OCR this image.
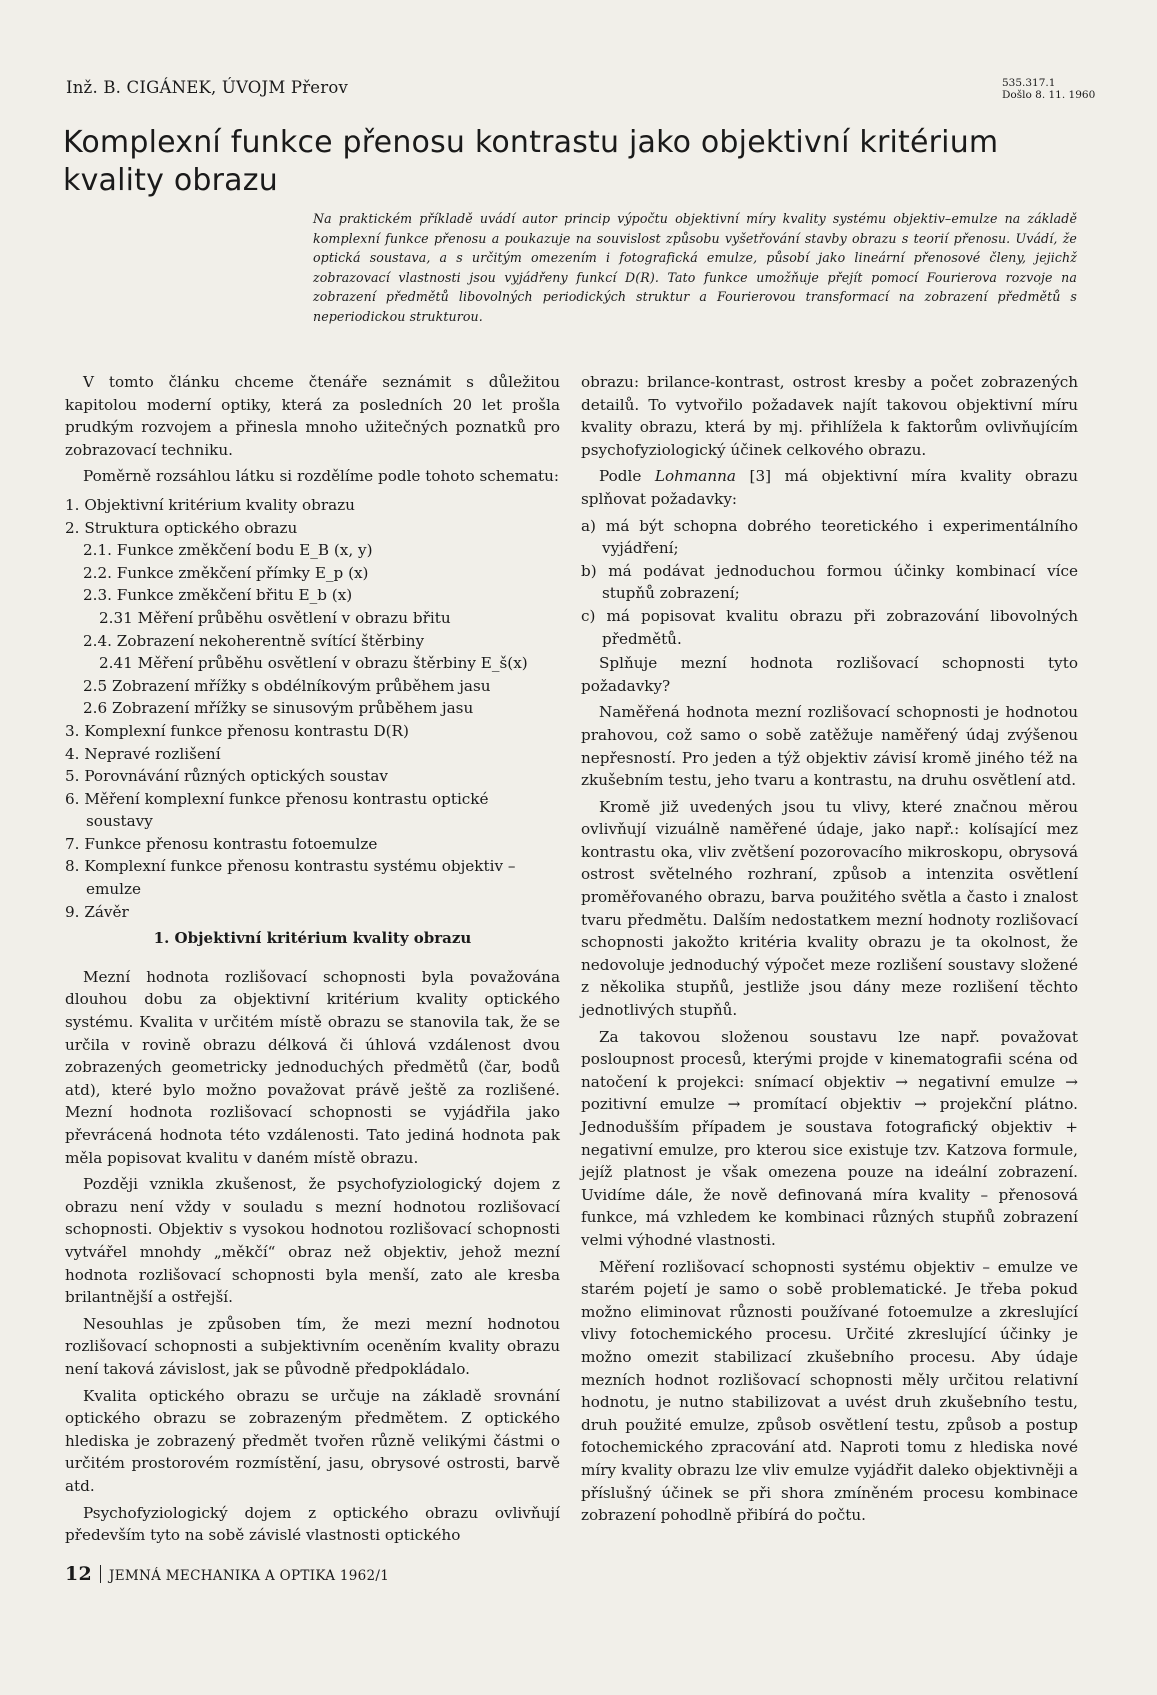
Inž. B. CIGÁNEK, ÚVOJM Přerov	535.317.1
Došlo 8. 11. 1960
Komplexní funkce přenosu kontrastu jako objektivní kritérium kvality obrazu

Na praktickém příkladě uvádí autor princip výpočtu objektivní míry kvality systému objektiv–emulze na základě komplexní funkce přenosu a poukazuje na souvislost způsobu vyšetřování stavby obrazu s teorií přenosu. Uvádí, že optická soustava, a s určitým omezením i fotografická emulze, působí jako lineární přenosové členy, jejichž zobrazovací vlastnosti jsou vyjádřeny funkcí D(R). Tato funkce umožňuje přejít pomocí Fourierova rozvoje na zobrazení předmětů libovolných periodických struktur a Fourierovou transformací na zobrazení předmětů s neperiodickou strukturou.

V tomto článku chceme čtenáře seznámit s důležitou kapitolou moderní optiky, která za posledních 20 let prošla prudkým rozvojem a přinesla mnoho užitečných poznatků pro zobrazovací techniku.

Poměrně rozsáhlou látku si rozdělíme podle tohoto schematu:

1. Objektivní kritérium kvality obrazu
2. Struktura optického obrazu
2.1. Funkce změkčení bodu E_B (x, y)
2.2. Funkce změkčení přímky E_p (x)
2.3. Funkce změkčení břitu E_b (x)
2.31 Měření průběhu osvětlení v obrazu břitu
2.4. Zobrazení nekoherentně svítící štěrbiny
2.41 Měření průběhu osvětlení v obrazu štěrbiny E_š(x)
2.5 Zobrazení mřížky s obdélníkovým průběhem jasu
2.6 Zobrazení mřížky se sinusovým průběhem jasu
3. Komplexní funkce přenosu kontrastu D(R)
4. Nepravé rozlišení
5. Porovnávání různých optických soustav
6. Měření komplexní funkce přenosu kontrastu optické soustavy
7. Funkce přenosu kontrastu fotoemulze
8. Komplexní funkce přenosu kontrastu systému objektiv – emulze
9. Závěr
1. Objektivní kritérium kvality obrazu

Mezní hodnota rozlišovací schopnosti byla považována dlouhou dobu za objektivní kritérium kvality optického systému. Kvalita v určitém místě obrazu se stanovila tak, že se určila v rovině obrazu délková či úhlová vzdálenost dvou zobrazených geometricky jednoduchých předmětů (čar, bodů atd), které bylo možno považovat právě ještě za rozlišené. Mezní hodnota rozlišovací schopnosti se vyjádřila jako převrácená hodnota této vzdálenosti. Tato jediná hodnota pak měla popisovat kvalitu v daném místě obrazu.

Později vznikla zkušenost, že psychofyziologický dojem z obrazu není vždy v souladu s mezní hodnotou rozlišovací schopnosti. Objektiv s vysokou hodnotou rozlišovací schopnosti vytvářel mnohdy „měkčí“ obraz než objektiv, jehož mezní hodnota rozlišovací schopnosti byla menší, zato ale kresba brilantnější a ostřejší.

Nesouhlas je způsoben tím, že mezi mezní hodnotou rozlišovací schopnosti a subjektivním oceněním kvality obrazu není taková závislost, jak se původně předpokládalo.

Kvalita optického obrazu se určuje na základě srovnání optického obrazu se zobrazeným předmětem. Z optického hlediska je zobrazený předmět tvořen různě velikými částmi o určitém prostorovém rozmístění, jasu, obrysové ostrosti, barvě atd.

Psychofyziologický dojem z optického obrazu ovlivňují především tyto na sobě závislé vlastnosti optického

obrazu: brilance-kontrast, ostrost kresby a počet zobrazených detailů. To vytvořilo požadavek najít takovou objektivní míru kvality obrazu, která by mj. přihlížela k faktorům ovlivňujícím psychofyziologický účinek celkového obrazu.

Podle Lohmanna [3] má objektivní míra kvality obrazu splňovat požadavky:

a) má být schopna dobrého teoretického i experimentálního vyjádření;
b) má podávat jednoduchou formou účinky kombinací více stupňů zobrazení;
c) má popisovat kvalitu obrazu při zobrazování libovolných předmětů.

Splňuje mezní hodnota rozlišovací schopnosti tyto požadavky?

Naměřená hodnota mezní rozlišovací schopnosti je hodnotou prahovou, což samo o sobě zatěžuje naměřený údaj zvýšenou nepřesností. Pro jeden a týž objektiv závisí kromě jiného též na zkušebním testu, jeho tvaru a kontrastu, na druhu osvětlení atd.

Kromě již uvedených jsou tu vlivy, které značnou měrou ovlivňují vizuálně naměřené údaje, jako např.: kolísající mez kontrastu oka, vliv zvětšení pozorovacího mikroskopu, obrysová ostrost světelného rozhraní, způsob a intenzita osvětlení proměřovaného obrazu, barva použitého světla a často i znalost tvaru předmětu. Dalším nedostatkem mezní hodnoty rozlišovací schopnosti jakožto kritéria kvality obrazu je ta okolnost, že nedovoluje jednoduchý výpočet meze rozlišení soustavy složené z několika stupňů, jestliže jsou dány meze rozlišení těchto jednotlivých stupňů.

Za takovou složenou soustavu lze např. považovat posloupnost procesů, kterými projde v kinematografii scéna od natočení k projekci: snímací objektiv → negativní emulze → pozitivní emulze → promítací objektiv → projekční plátno. Jednodušším případem je soustava fotografický objektiv + negativní emulze, pro kterou sice existuje tzv. Katzova formule, jejíž platnost je však omezena pouze na ideální zobrazení. Uvidíme dále, že nově definovaná míra kvality – přenosová funkce, má vzhledem ke kombinaci různých stupňů zobrazení velmi výhodné vlastnosti.

Měření rozlišovací schopnosti systému objektiv – emulze ve starém pojetí je samo o sobě problematické. Je třeba pokud možno eliminovat různosti používané fotoemulze a zkreslující vlivy fotochemického procesu. Určité zkreslující účinky je možno omezit stabilizací zkušebního procesu. Aby údaje mezních hodnot rozlišovací schopnosti měly určitou relativní hodnotu, je nutno stabilizovat a uvést druh zkušebního testu, druh použité emulze, způsob osvětlení testu, způsob a postup fotochemického zpracování atd. Naproti tomu z hlediska nové míry kvality obrazu lze vliv emulze vyjádřit daleko objektivněji a příslušný účinek se při shora zmíněném procesu kombinace zobrazení pohodlně přibírá do počtu.

12 JEMNÁ MECHANIKA A OPTIKA 1962/1
